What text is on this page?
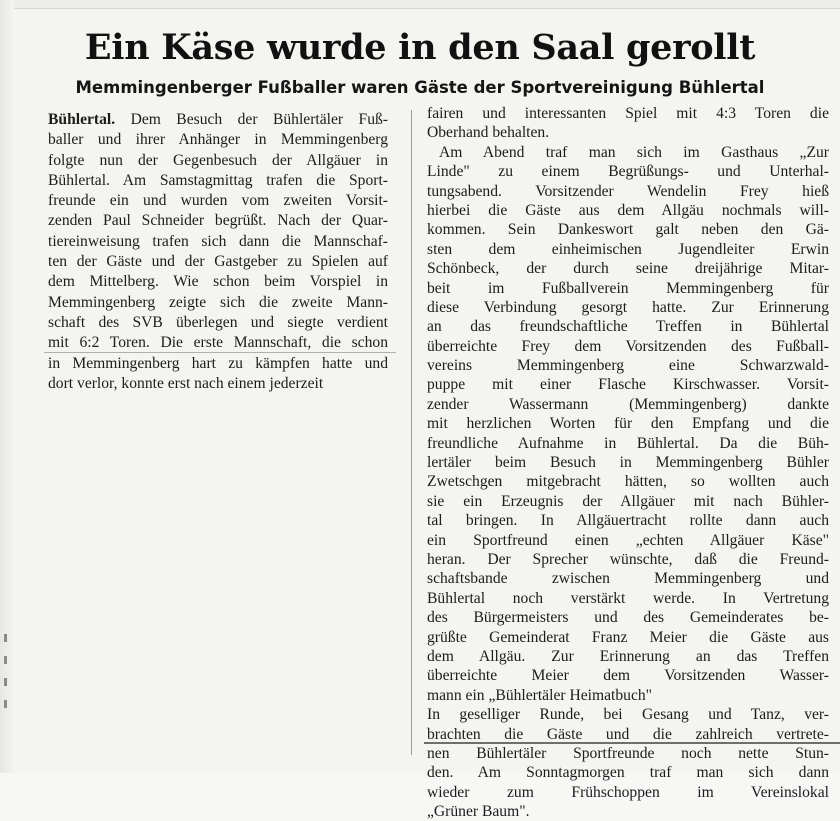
Ein Käse wurde in den Saal gerollt
Memmingenberger Fußballer waren Gäste der Sportvereinigung Bühlertal
Bühlertal. Dem Besuch der Bühlertäler Fuß-
baller und ihrer Anhänger in Memmingenberg
folgte nun der Gegenbesuch der Allgäuer in
Bühlertal. Am Samstagmittag trafen die Sport-
freunde ein und wurden vom zweiten Vorsit-
zenden Paul Schneider begrüßt. Nach der Quar-
tiereinweisung trafen sich dann die Mannschaf-
ten der Gäste und der Gastgeber zu Spielen auf
dem Mittelberg. Wie schon beim Vorspiel in
Memmingenberg zeigte sich die zweite Mann-
schaft des SVB überlegen und siegte verdient
mit 6:2 Toren. Die erste Mannschaft, die schon
in Memmingenberg hart zu kämpfen hatte und
dort verlor, konnte erst nach einem jederzeit
fairen und interessanten Spiel mit 4:3 Toren die
Oberhand behalten.
Am Abend traf man sich im Gasthaus „Zur
Linde" zu einem Begrüßungs- und Unterhal-
tungsabend. Vorsitzender Wendelin Frey hieß
hierbei die Gäste aus dem Allgäu nochmals will-
kommen. Sein Dankeswort galt neben den Gä-
sten dem einheimischen Jugendleiter Erwin
Schönbeck, der durch seine dreijährige Mitar-
beit im Fußballverein Memmingenberg für
diese Verbindung gesorgt hatte. Zur Erinnerung
an das freundschaftliche Treffen in Bühlertal
überreichte Frey dem Vorsitzenden des Fußball-
vereins Memmingenberg eine Schwarzwald-
puppe mit einer Flasche Kirschwasser. Vorsit-
zender Wassermann (Memmingenberg) dankte
mit herzlichen Worten für den Empfang und die
freundliche Aufnahme in Bühlertal. Da die Büh-
lertäler beim Besuch in Memmingenberg Bühler
Zwetschgen mitgebracht hätten, so wollten auch
sie ein Erzeugnis der Allgäuer mit nach Bühler-
tal bringen. In Allgäuertracht rollte dann auch
ein Sportfreund einen „echten Allgäuer Käse"
heran. Der Sprecher wünschte, daß die Freund-
schaftsbande zwischen Memmingenberg und
Bühlertal noch verstärkt werde. In Vertretung
des Bürgermeisters und des Gemeinderates be-
grüßte Gemeinderat Franz Meier die Gäste aus
dem Allgäu. Zur Erinnerung an das Treffen
überreichte Meier dem Vorsitzenden Wasser-
mann ein „Bühlertäler Heimatbuch"
In geselliger Runde, bei Gesang und Tanz, ver-
brachten die Gäste und die zahlreich vertrete-
nen Bühlertäler Sportfreunde noch nette Stun-
den. Am Sonntagmorgen traf man sich dann
wieder zum Frühschoppen im Vereinslokal
„Grüner Baum".
